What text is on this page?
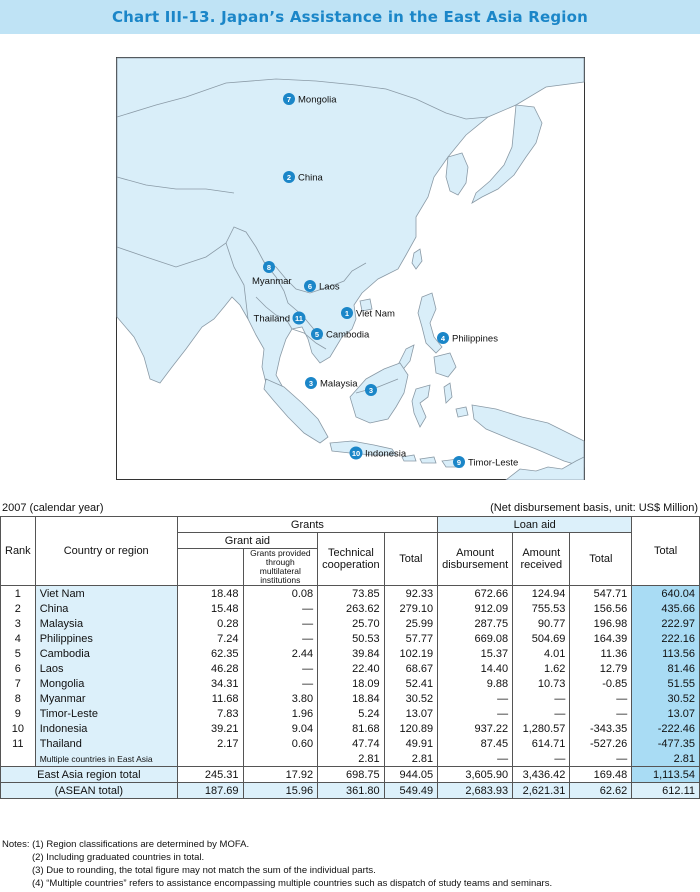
Chart III-13. Japan’s Assistance in the East Asia Region
7 Mongolia
2 China
8
Myanmar 6 Laos
1 Viet Nam
11
Thailand
5 Cambodia	4 Philippines
3 Malaysia
3
10 Indonesia
9 Timor-Leste
2007 (calendar year)	(Net disbursement basis, unit: US$ Million)
Rank	Country or region	Grants				Loan aid			Total
		Grant aid		Technical cooperation	Total	Amount disbursement	Amount received	Total	
			Grants provided through multilateral institutions						
1	Viet Nam	18.48	0.08	73.85	92.33	672.66	124.94	547.71	640.04
2	China	15.48	—	263.62	279.10	912.09	755.53	156.56	435.66
3	Malaysia	0.28	—	25.70	25.99	287.75	90.77	196.98	222.97
4	Philippines	7.24	—	50.53	57.77	669.08	504.69	164.39	222.16
5	Cambodia	62.35	2.44	39.84	102.19	15.37	4.01	11.36	113.56
6	Laos	46.28	—	22.40	68.67	14.40	1.62	12.79	81.46
7	Mongolia	34.31	—	18.09	52.41	9.88	10.73	-0.85	51.55
8	Myanmar	11.68	3.80	18.84	30.52	—	—	—	30.52
9	Timor-Leste	7.83	1.96	5.24	13.07	—	—	—	13.07
10	Indonesia	39.21	9.04	81.68	120.89	937.22	1,280.57	-343.35	-222.46
11	Thailand	2.17	0.60	47.74	49.91	87.45	614.71	-527.26	-477.35
	Multiple countries in East Asia			2.81	2.81	—	—	—	2.81
East Asia region total		245.31	17.92	698.75	944.05	3,605.90	3,436.42	169.48	1,113.54
(ASEAN total)		187.69	15.96	361.80	549.49	2,683.93	2,621.31	62.62	612.11
Notes: (1) Region classifications are determined by MOFA.
(2) Including graduated countries in total.
(3) Due to rounding, the total figure may not match the sum of the individual parts.
(4) “Multiple countries” refers to assistance encompassing multiple countries such as dispatch of study teams and seminars.
